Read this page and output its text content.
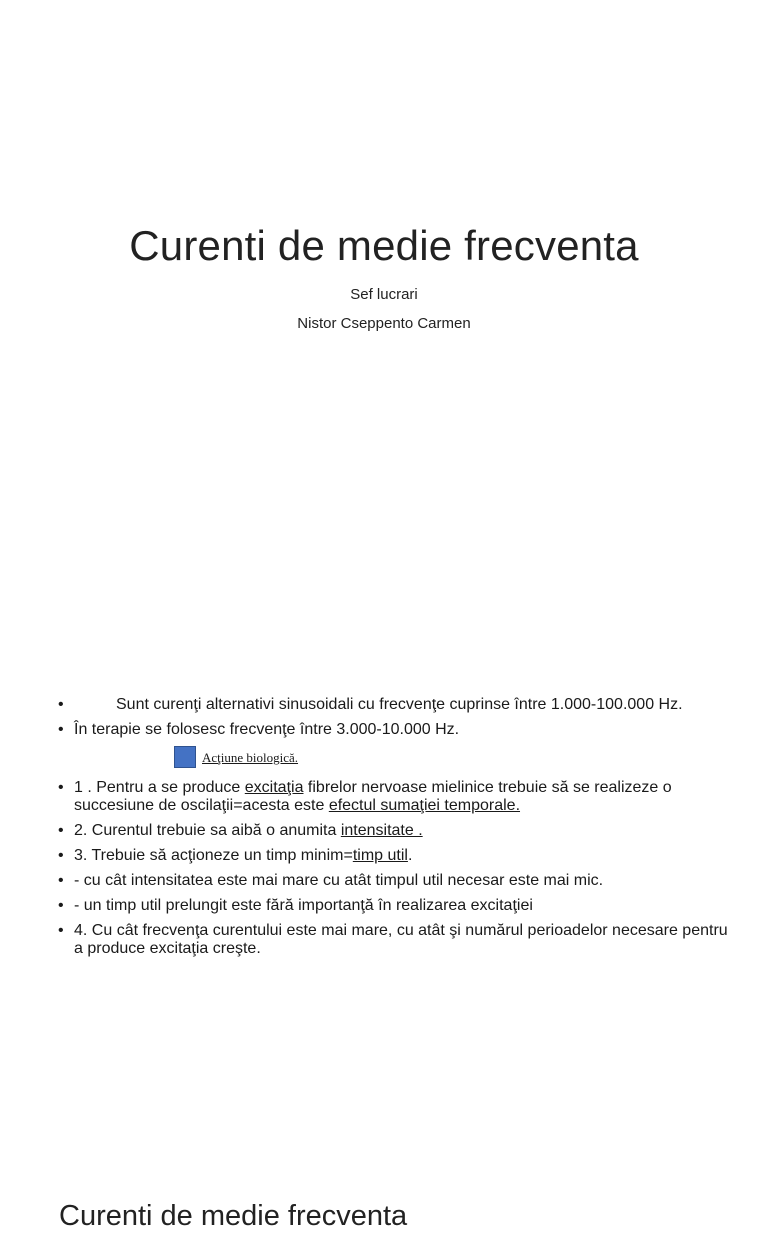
Curenti de medie frecventa
Sef lucrari
Nistor Cseppento Carmen
Curenti de medie frecventa
•	Sunt curenţi alternativi sinusoidali cu frecvenţe cuprinse între 1.000-100.000 Hz.
• În terapie se folosesc frecvenţe între 3.000-10.000 Hz.
Acţiune biologică.
• 1 . Pentru a se produce excitaţia fibrelor nervoase mielinice trebuie să se realizeze o succesiune de oscilaţii=acesta este efectul sumaţiei temporale.
• 2. Curentul trebuie sa aibă o anumita intensitate .
• 3. Trebuie să acţioneze un timp minim=timp util.
• - cu cât intensitatea este mai mare cu atât timpul util necesar este mai mic.
• - un timp util prelungit este fără importanţă în realizarea excitaţiei
• 4. Cu cât frecvenţa curentului este mai mare, cu atât şi numărul perioadelor necesare pentru a produce excitaţia creşte.
